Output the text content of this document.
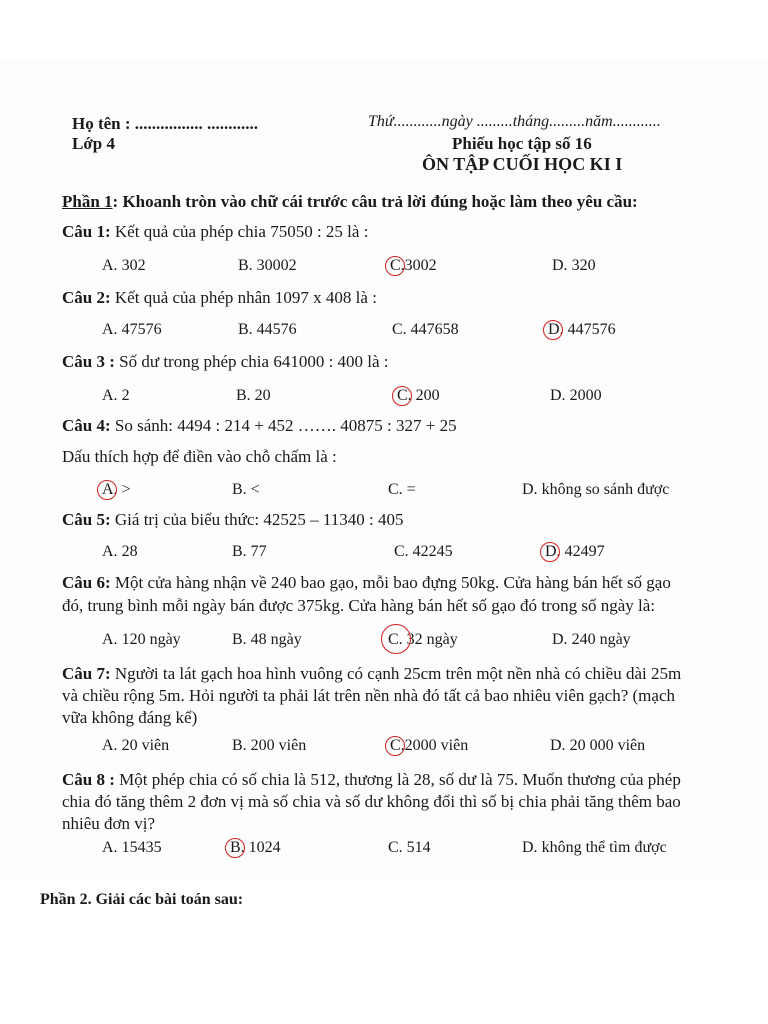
Họ tên : ................ ............
Lớp 4
Thứ............ngày .........tháng.........năm............
Phiếu học tập số 16
ÔN TẬP CUỐI HỌC KI I
Phần 1: Khoanh tròn vào chữ cái trước câu trả lời đúng hoặc làm theo yêu cầu:
Câu 1: Kết quả của phép chia 75050 : 25 là :
A. 302	B. 30002	C.3002	D. 320
Câu 2: Kết quả của phép nhân 1097 x 408 là :
A. 47576	B. 44576	C. 447658	D. 447576
Câu 3 : Số dư trong phép chia 641000 : 400 là :
A. 2	B. 20	C. 200	D. 2000
Câu 4: So sánh: 4494 : 214 + 452 ……. 40875 : 327 + 25
Dấu thích hợp để điền vào chỗ chấm là :
A. >	B. <	C. =	D. không so sánh được
Câu 5: Giá trị của biểu thức: 42525 – 11340 : 405
A. 28	B. 77	C. 42245	D. 42497
Câu 6: Một cửa hàng nhận về 240 bao gạo, mỗi bao đựng 50kg. Cửa hàng bán hết số gạo
đó, trung bình mỗi ngày bán được 375kg. Cửa hàng bán hết số gạo đó trong số ngày là:
A. 120 ngày	B. 48 ngày	C. 32 ngày	D. 240 ngày
Câu 7: Người ta lát gạch hoa hình vuông có cạnh 25cm trên một nền nhà có chiều dài 25m
và chiều rộng 5m. Hỏi người ta phải lát trên nền nhà đó tất cả bao nhiêu viên gạch? (mạch
vữa không đáng kể)
A. 20 viên	B. 200 viên	C.2000 viên	D. 20 000 viên
Câu 8 : Một phép chia có số chia là 512, thương là 28, số dư là 75. Muốn thương của phép
chia đó tăng thêm 2 đơn vị mà số chia và số dư không đổi thì số bị chia phải tăng thêm bao
nhiêu đơn vị?
A. 15435	B. 1024	C. 514	D. không thể tìm được
Phần 2. Giải các bài toán sau:
